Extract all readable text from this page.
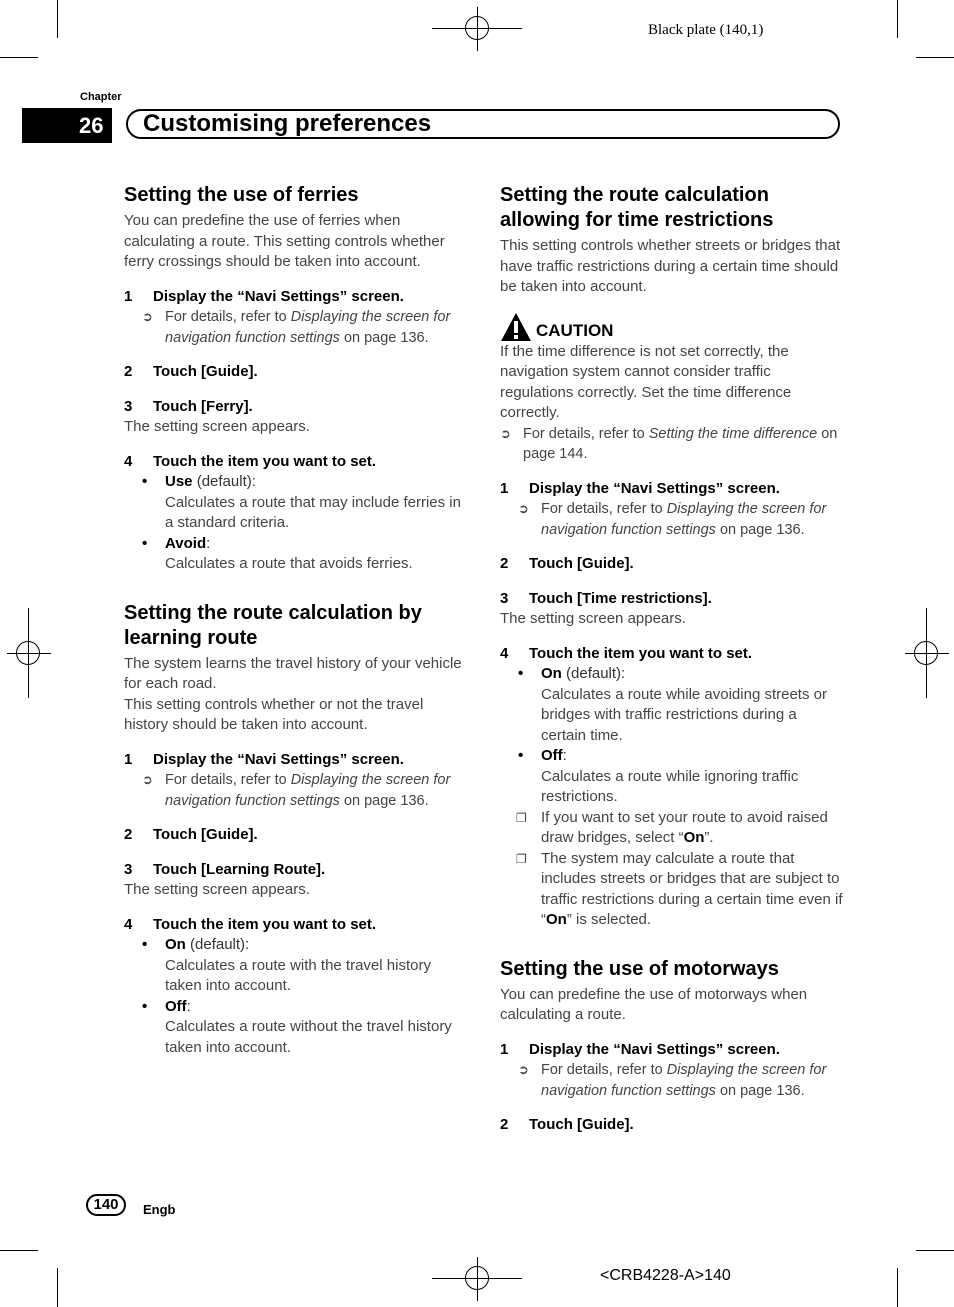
Black plate (140,1)
<CRB4228-A>140
Chapter
26	Customising preferences
Setting the use of ferries

You can predefine the use of ferries when calculating a route. This setting controls whether ferry crossings should be taken into account.

1	Display the “Navi Settings” screen.
➲ For details, refer to Displaying the screen for navigation function settings on page 136.
2	Touch [Guide].
3	Touch [Ferry].

The setting screen appears.

4	Touch the item you want to set.
•	Use (default):

Calculates a route that may include ferries in a standard criteria.

•	Avoid:

Calculates a route that avoids ferries.

Setting the route calculation by learning route

The system learns the travel history of your vehicle for each road.

This setting controls whether or not the travel history should be taken into account.

1	Display the “Navi Settings” screen.
➲ For details, refer to Displaying the screen for navigation function settings on page 136.
2	Touch [Guide].
3	Touch [Learning Route].

The setting screen appears.

4	Touch the item you want to set.
•	On (default):

Calculates a route with the travel history taken into account.

•	Off:

Calculates a route without the travel history taken into account.

Setting the route calculation allowing for time restrictions

This setting controls whether streets or bridges that have traffic restrictions during a certain time should be taken into account.

CAUTION

If the time difference is not set correctly, the navigation system cannot consider traffic regulations correctly. Set the time difference correctly.

➲ For details, refer to Setting the time difference on page 144.
1	Display the “Navi Settings” screen.
➲ For details, refer to Displaying the screen for navigation function settings on page 136.
2	Touch [Guide].
3	Touch [Time restrictions].

The setting screen appears.

4	Touch the item you want to set.
•	On (default):

Calculates a route while avoiding streets or bridges with traffic restrictions during a certain time.

•	Off:

Calculates a route while ignoring traffic restrictions.

❐ If you want to set your route to avoid raised draw bridges, select “On”.
❐ The system may calculate a route that includes streets or bridges that are subject to traffic restrictions during a certain time even if “On” is selected.
Setting the use of motorways

You can predefine the use of motorways when calculating a route.

1	Display the “Navi Settings” screen.
➲ For details, refer to Displaying the screen for navigation function settings on page 136.
2	Touch [Guide].
140	Engb
